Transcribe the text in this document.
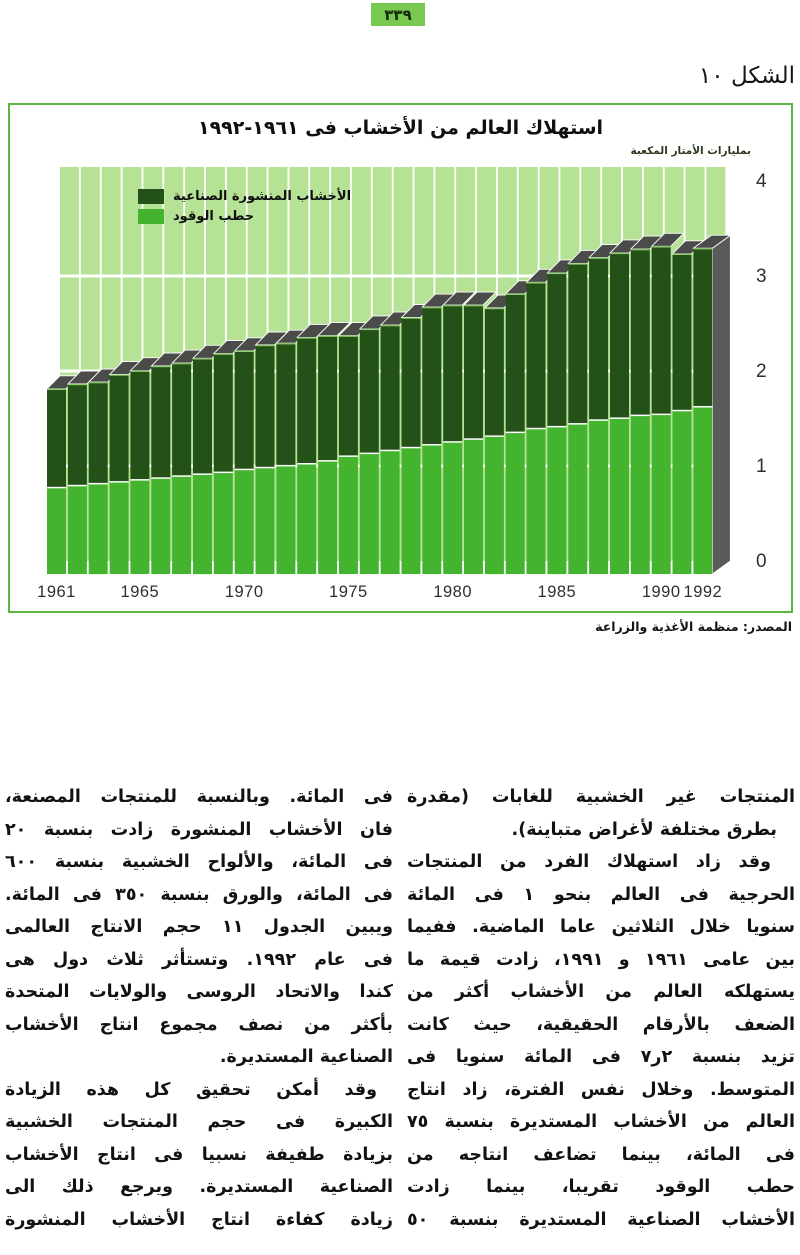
٣٣٩
الشكل ١٠
0
1
2
3
4
1961	1965	1970	1975	1980	1985	1990 1992
استهلاك العالم من الأخشاب فى ١٩٦١-١٩٩٢
بمليارات الأمتار المكعبة
الأخشاب المنشورة الصناعية
حطب الوقود
المصدر: منظمة الأغذية والزراعة
المنتجات غير الخشبية للغابات (مقدرة
بطرق مختلفة لأغراض متباينة).
وقد زاد استهلاك الفرد من المنتجات
الحرجية فى العالم بنحو ١ فى المائة
سنويا خلال الثلاثين عاما الماضية. ففيما
بين عامى ١٩٦١ و ١٩٩١، زادت قيمة ما
يستهلكه العالم من الأخشاب أكثر من
الضعف بالأرقام الحقيقية، حيث كانت
تزيد بنسبة ٢ر٧ فى المائة سنويا فى
المتوسط. وخلال نفس الفترة، زاد انتاج
العالم من الأخشاب المستديرة بنسبة ٧٥
فى المائة، بينما تضاعف انتاجه من
حطب الوقود تقريبا، بينما زادت
الأخشاب الصناعية المستديرة بنسبة ٥٠
فى المائة. وبالنسبة للمنتجات المصنعة،
فان الأخشاب المنشورة زادت بنسبة ٢٠
فى المائة، والألواح الخشبية بنسبة ٦٠٠
فى المائة، والورق بنسبة ٣٥٠ فى المائة.
ويبين الجدول ١١ حجم الانتاج العالمى
فى عام ١٩٩٢. وتستأثر ثلاث دول هى
كندا والاتحاد الروسى والولايات المتحدة
بأكثر من نصف مجموع انتاج الأخشاب
الصناعية المستديرة.
وقد أمكن تحقيق كل هذه الزيادة
الكبيرة فى حجم المنتجات الخشبية
بزيادة طفيفة نسبيا فى انتاج الأخشاب
الصناعية المستديرة. ويرجع ذلك الى
زيادة كفاءة انتاج الأخشاب المنشورة
